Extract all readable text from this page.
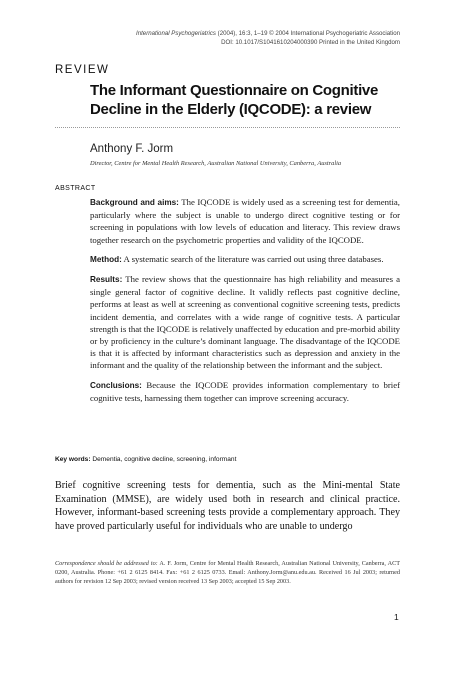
International Psychogeriatrics (2004), 16:3, 1–19 © 2004 International Psychogeriatric Association
DOI: 10.1017/S1041610204000390 Printed in the United Kingdom
REVIEW
The Informant Questionnaire on Cognitive
Decline in the Elderly (IQCODE): a review
Anthony F. Jorm
Director, Centre for Mental Health Research, Australian National University, Canberra, Australia
ABSTRACT

Background and aims: The IQCODE is widely used as a screening test for dementia, particularly where the subject is unable to undergo direct cognitive testing or for screening in populations with low levels of education and literacy. This review draws together research on the psychometric properties and validity of the IQCODE.

Method: A systematic search of the literature was carried out using three databases.

Results: The review shows that the questionnaire has high reliability and measures a single general factor of cognitive decline. It validly reflects past cognitive decline, performs at least as well at screening as conventional cognitive screening tests, predicts incident dementia, and correlates with a wide range of cognitive tests. A particular strength is that the IQCODE is relatively unaffected by education and pre-morbid ability or by proficiency in the culture’s dominant language. The disadvantage of the IQCODE is that it is affected by informant characteristics such as depression and anxiety in the informant and the quality of the relationship between the informant and the subject.

Conclusions: Because the IQCODE provides information complementary to brief cognitive tests, harnessing them together can improve screening accuracy.

Key words: Dementia, cognitive decline, screening, informant

Brief cognitive screening tests for dementia, such as the Mini-mental State Examination (MMSE), are widely used both in research and clinical practice. However, informant-based screening tests provide a complementary approach. They have proved particularly useful for individuals who are unable to undergo

Correspondence should be addressed to: A. F. Jorm, Centre for Mental Health Research, Australian National University, Canberra, ACT 0200, Australia. Phone: +61 2 6125 8414. Fax: +61 2 6125 0733. Email: Anthony.Jorm@anu.edu.au. Received 16 Jul 2003; returned authors for revision 12 Sep 2003; revised version received 13 Sep 2003; accepted 15 Sep 2003.
1
